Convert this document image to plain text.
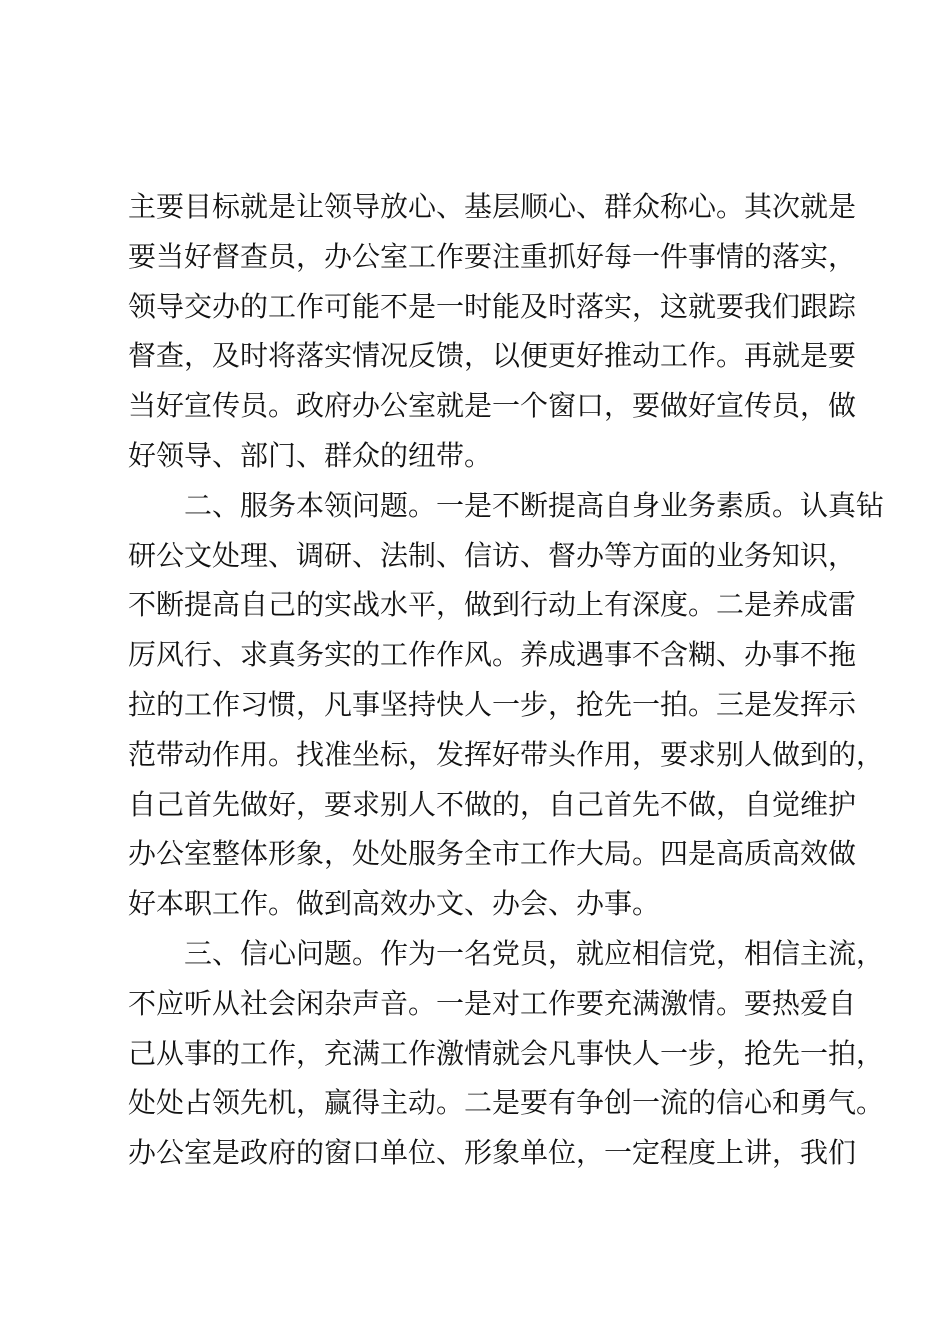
主要目标就是让领导放心、基层顺心、群众称心。其次就是
要当好督查员，办公室工作要注重抓好每一件事情的落实，
领导交办的工作可能不是一时能及时落实，这就要我们跟踪
督查，及时将落实情况反馈，以便更好推动工作。再就是要
当好宣传员。政府办公室就是一个窗口，要做好宣传员，做
好领导、部门、群众的纽带。
　　二、服务本领问题。一是不断提高自身业务素质。认真钻
研公文处理、调研、法制、信访、督办等方面的业务知识，
不断提高自己的实战水平，做到行动上有深度。二是养成雷
厉风行、求真务实的工作作风。养成遇事不含糊、办事不拖
拉的工作习惯，凡事坚持快人一步，抢先一拍。三是发挥示
范带动作用。找准坐标，发挥好带头作用，要求别人做到的，
自己首先做好，要求别人不做的，自己首先不做，自觉维护
办公室整体形象，处处服务全市工作大局。四是高质高效做
好本职工作。做到高效办文、办会、办事。
　　三、信心问题。作为一名党员，就应相信党，相信主流，
不应听从社会闲杂声音。一是对工作要充满激情。要热爱自
己从事的工作，充满工作激情就会凡事快人一步，抢先一拍，
处处占领先机，赢得主动。二是要有争创一流的信心和勇气。
办公室是政府的窗口单位、形象单位，一定程度上讲，我们
